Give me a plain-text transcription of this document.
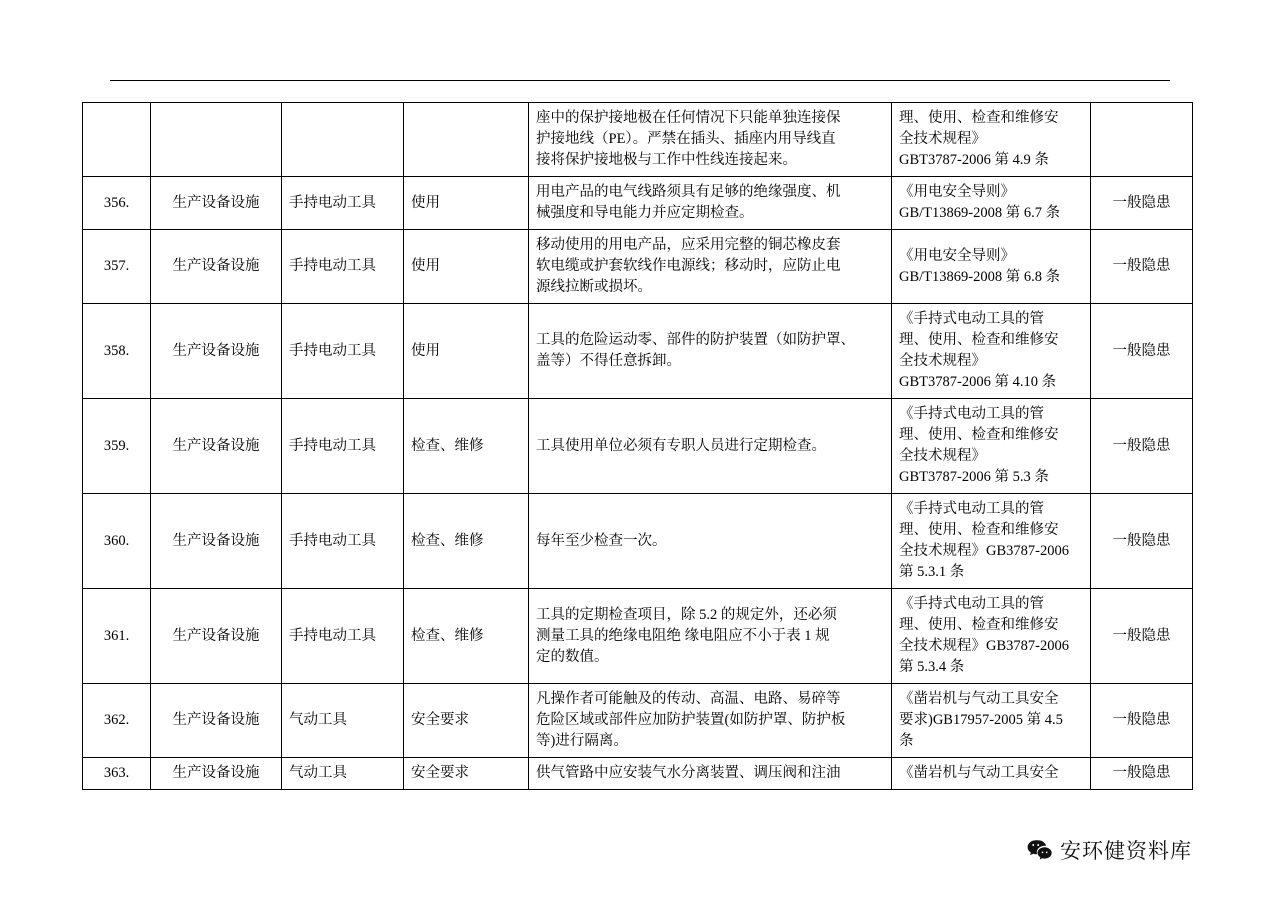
				座中的保护接地极在任何情况下只能单独连接保
护接地线（PE）。严禁在插头、插座内用导线直
接将保护接地极与工作中性线连接起来。	理、使用、检查和维修安
全技术规程》
GBT3787-2006 第 4.9 条	

356.	生产设备设施	手持电动工具	使用	用电产品的电气线路须具有足够的绝缘强度、机
械强度和导电能力并应定期检查。	《用电安全导则》
GB/T13869-2008 第 6.7 条	一般隐患
357.	生产设备设施	手持电动工具	使用	移动使用的用电产品，应采用完整的铜芯橡皮套
软电缆或护套软线作电源线；移动时，应防止电
源线拉断或损坏。	《用电安全导则》
GB/T13869-2008 第 6.8 条	一般隐患
358.	生产设备设施	手持电动工具	使用	工具的危险运动零、部件的防护装置（如防护罩、
盖等）不得任意拆卸。	《手持式电动工具的管
理、使用、检查和维修安
全技术规程》
GBT3787-2006 第 4.10 条	一般隐患
359.	生产设备设施	手持电动工具	检查、维修	工具使用单位必须有专职人员进行定期检查。	《手持式电动工具的管
理、使用、检查和维修安
全技术规程》
GBT3787-2006 第 5.3 条	一般隐患
360.	生产设备设施	手持电动工具	检查、维修	每年至少检查一次。	《手持式电动工具的管
理、使用、检查和维修安
全技术规程》GB3787-2006
第 5.3.1 条	一般隐患
361.	生产设备设施	手持电动工具	检查、维修	工具的定期检查项目，除 5.2 的规定外，还必须
测量工具的绝缘电阻绝 缘电阻应不小于表 1 规
定的数值。	《手持式电动工具的管
理、使用、检查和维修安
全技术规程》GB3787-2006
第 5.3.4 条	一般隐患
362.	生产设备设施	气动工具	安全要求	凡操作者可能触及的传动、高温、电路、易碎等
危险区域或部件应加防护装置(如防护罩、防护板
等)进行隔离。	《凿岩机与气动工具安全
要求)GB17957-2005 第 4.5
条	一般隐患
363.	生产设备设施	气动工具	安全要求	供气管路中应安装气水分离装置、调压阀和注油	《凿岩机与气动工具安全	一般隐患
安环健资料库
